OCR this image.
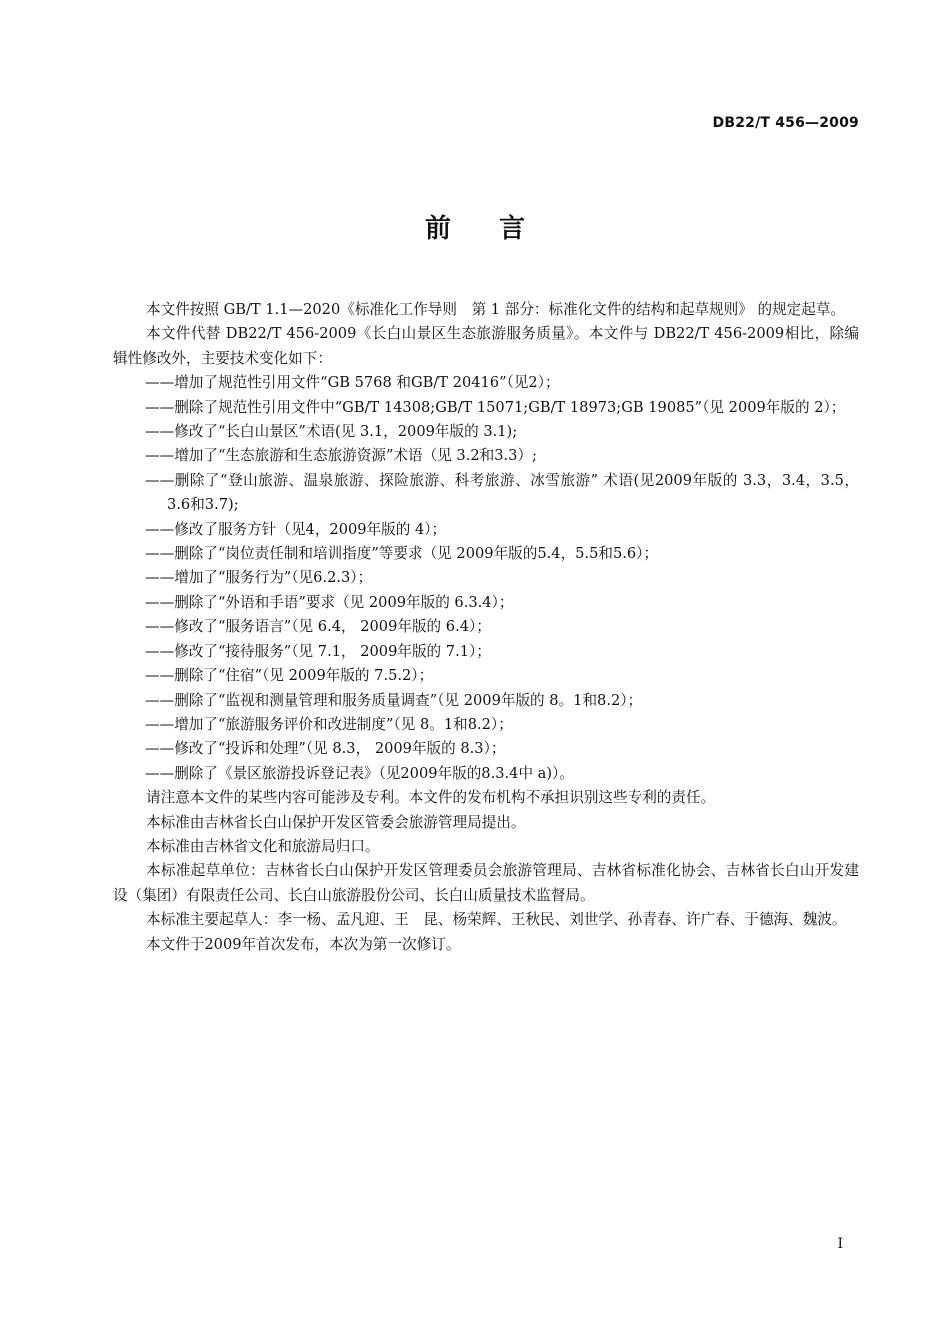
DB22/T 456—2009
前言

本文件按照 GB/T 1.1—2020《标准化工作导则　第 1 部分：标准化文件的结构和起草规则》 的规定起草。

本文件代替 DB22/T 456-2009《长白山景区生态旅游服务质量》。本文件与 DB22/T 456-2009相比，除编辑性修改外，主要技术变化如下：

——增加了规范性引用文件“GB 5768 和GB/T 20416”（见2）；

——删除了规范性引用文件中“GB/T 14308;GB/T 15071;GB/T 18973;GB 19085”（见 2009年版的 2）；

——修改了“长白山景区”术语(见 3.1，2009年版的 3.1);

——增加了“生态旅游和生态旅游资源”术语（见 3.2和3.3）;

——删除了“登山旅游、温泉旅游、探险旅游、科考旅游、冰雪旅游” 术语(见2009年版的 3.3，3.4，3.5，3.6和3.7);

——修改了服务方针（见4，2009年版的 4）；

——删除了“岗位责任制和培训指度”等要求（见 2009年版的5.4，5.5和5.6）；

——增加了“服务行为”（见6.2.3）；

——删除了“外语和手语”要求（见 2009年版的 6.3.4）；

——修改了“服务语言”（见 6.4， 2009年版的 6.4）；

——修改了“接待服务”（见 7.1， 2009年版的 7.1）；

——删除了“住宿”（见 2009年版的 7.5.2）；

——删除了“监视和测量管理和服务质量调查”（见 2009年版的 8。1和8.2）；

——增加了“旅游服务评价和改进制度”（见 8。1和8.2）；

——修改了“投诉和处理”（见 8.3， 2009年版的 8.3）；

——删除了《景区旅游投诉登记表》（见2009年版的8.3.4中 a)）。

请注意本文件的某些内容可能涉及专利。本文件的发布机构不承担识别这些专利的责任。

本标准由吉林省长白山保护开发区管委会旅游管理局提出。

本标准由吉林省文化和旅游局归口。

本标准起草单位：吉林省长白山保护开发区管理委员会旅游管理局、吉林省标准化协会、吉林省长白山开发建设（集团）有限责任公司、长白山旅游股份公司、长白山质量技术监督局。

本标准主要起草人：李一杨、孟凡迎、王　昆、杨荣辉、王秋民、刘世学、孙青春、许广春、于德海、魏波。

本文件于2009年首次发布，本次为第一次修订。

I
